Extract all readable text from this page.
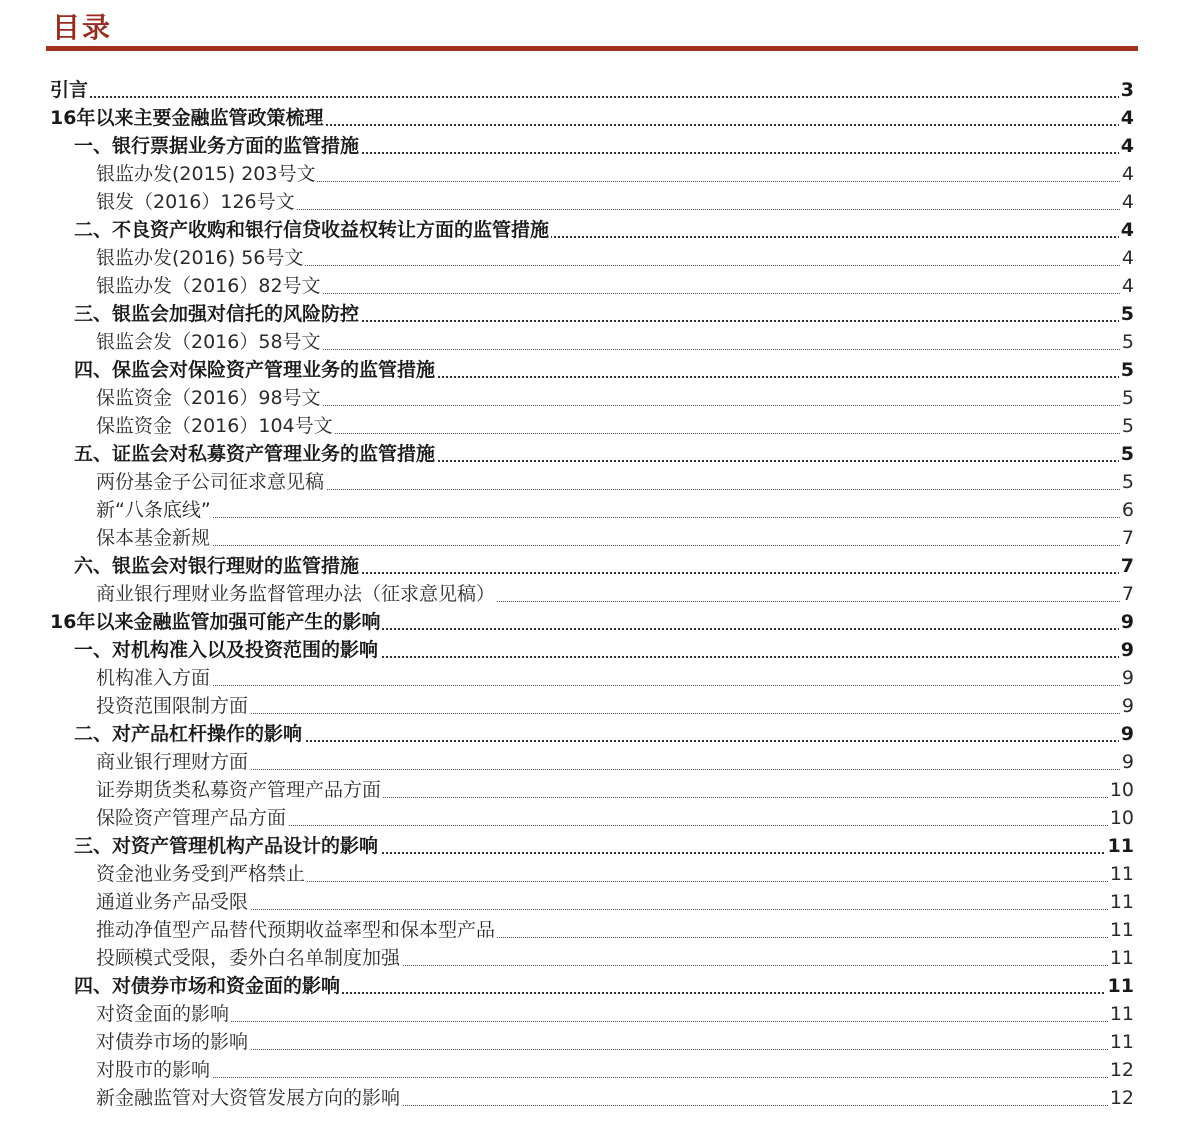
目录
引言	3
16年以来主要金融监管政策梳理	4
一、银行票据业务方面的监管措施	4
银监办发(2015) 203号文	4
银发（2016）126号文	4
二、不良资产收购和银行信贷收益权转让方面的监管措施	4
银监办发(2016) 56号文	4
银监办发（2016）82号文	4
三、银监会加强对信托的风险防控	5
银监会发（2016）58号文	5
四、保监会对保险资产管理业务的监管措施	5
保监资金（2016）98号文	5
保监资金（2016）104号文	5
五、证监会对私募资产管理业务的监管措施	5
两份基金子公司征求意见稿	5
新“八条底线”	6
保本基金新规	7
六、银监会对银行理财的监管措施	7
商业银行理财业务监督管理办法（征求意见稿）	7
16年以来金融监管加强可能产生的影响	9
一、对机构准入以及投资范围的影响	9
机构准入方面	9
投资范围限制方面	9
二、对产品杠杆操作的影响	9
商业银行理财方面	9
证券期货类私募资产管理产品方面	10
保险资产管理产品方面	10
三、对资产管理机构产品设计的影响	11
资金池业务受到严格禁止	11
通道业务产品受限	11
推动净值型产品替代预期收益率型和保本型产品	11
投顾模式受限，委外白名单制度加强	11
四、对债券市场和资金面的影响	11
对资金面的影响	11
对债券市场的影响	11
对股市的影响	12
新金融监管对大资管发展方向的影响	12
